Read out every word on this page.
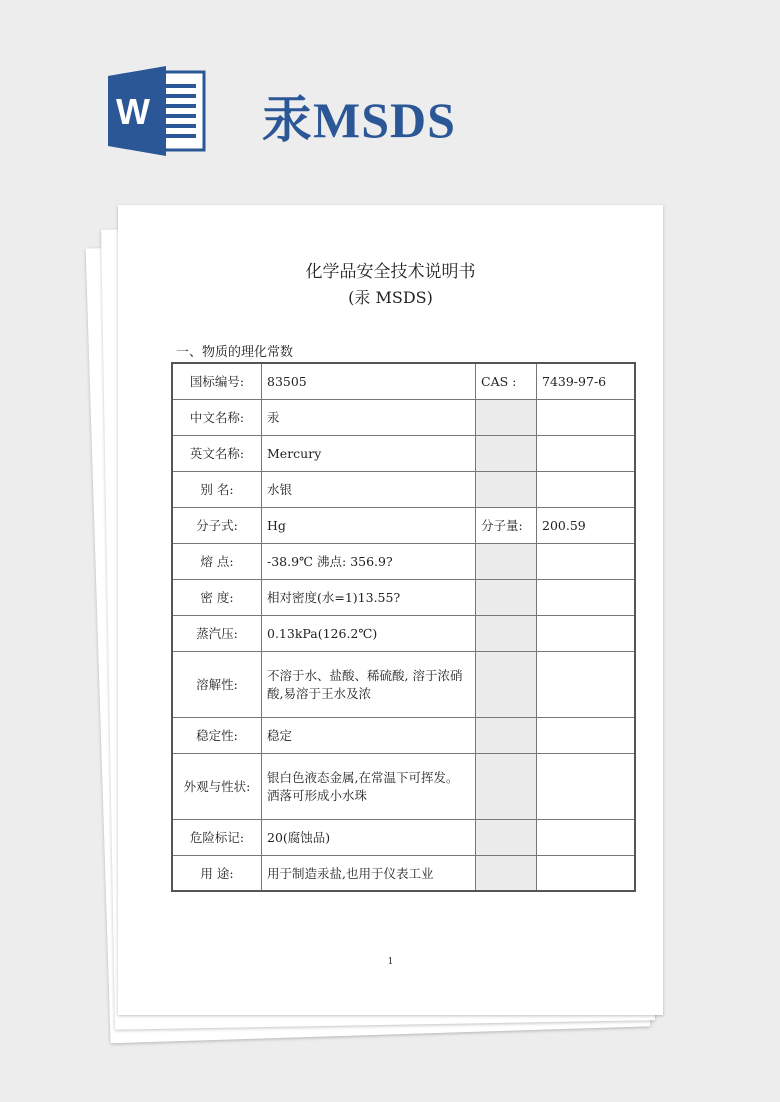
W 汞MSDS
化学品安全技术说明书
(汞 MSDS)
一、物质的理化常数
国标编号:	83505	CAS :	7439-97-6
中文名称:	汞		
英文名称:	Mercury		
别 名:	水银		
分子式:	Hg	分子量:	200.59
熔 点:	-38.9℃ 沸点: 356.9?		
密 度:	相对密度(水=1)13.55?		
蒸汽压:	0.13kPa(126.2℃)		
溶解性:	不溶于水、盐酸、稀硫酸, 溶于浓硝酸,易溶于王水及浓		
稳定性:	稳定		
外观与性状:	银白色液态金属,在常温下可挥发。洒落可形成小水珠		
危险标记:	20(腐蚀品)		
用 途:	用于制造汞盐,也用于仪表工业		
1
